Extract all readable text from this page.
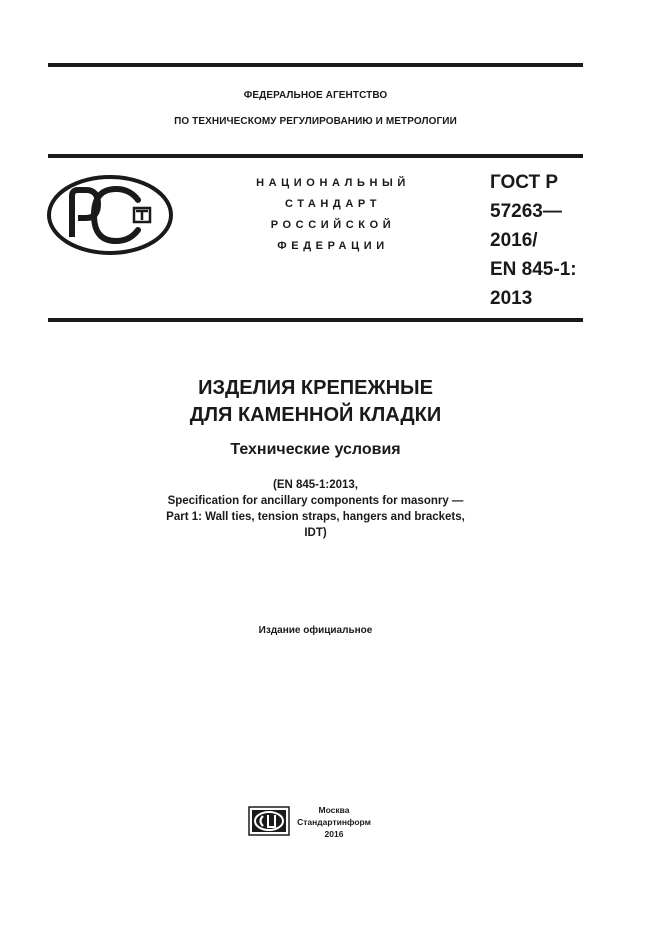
ФЕДЕРАЛЬНОЕ АГЕНТСТВО
ПО ТЕХНИЧЕСКОМУ РЕГУЛИРОВАНИЮ И МЕТРОЛОГИИ
НАЦИОНАЛЬНЫЙ
СТАНДАРТ
РОССИЙСКОЙ
ФЕДЕРАЦИИ
ГОСТ Р
57263—
2016/
EN 845-1:
2013
ИЗДЕЛИЯ КРЕПЕЖНЫЕ
ДЛЯ КАМЕННОЙ КЛАДКИ
Технические условия
(EN 845-1:2013,
Specification for ancillary components for masonry —
Part 1: Wall ties, tension straps, hangers and brackets,
IDT)
Издание официальное
Москва
Стандартинформ
2016
